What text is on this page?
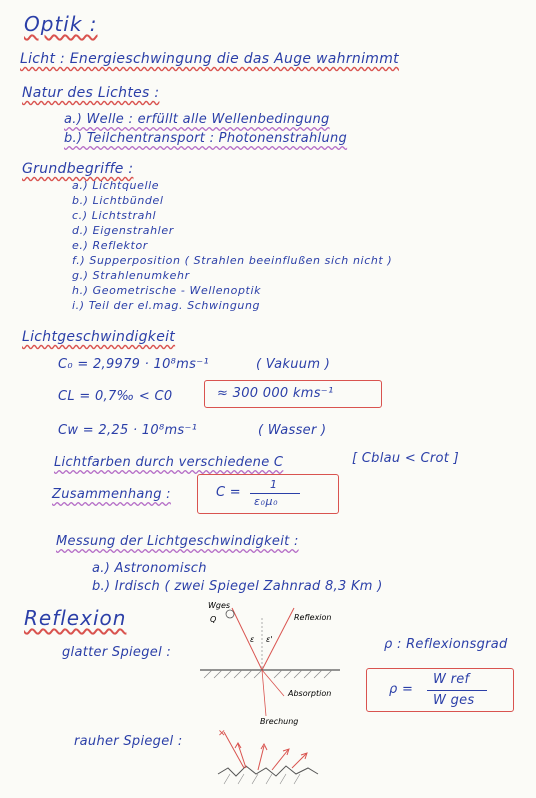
Optik :
Licht : Energieschwingung die das Auge wahrnimmt
Natur des Lichtes :
a.) Welle : erfüllt alle Wellenbedingung
b.) Teilchentransport : Photonenstrahlung
Grundbegriffe :
a.) Lichtquelle
b.) Lichtbündel
c.) Lichtstrahl
d.) Eigenstrahler
e.) Reflektor
f.) Supperposition ( Strahlen beeinflußen sich nicht )
g.) Strahlenumkehr
h.) Geometrische - Wellenoptik
i.) Teil der el.mag. Schwingung
Lichtgeschwindigkeit
C₀ = 2,9979 · 10⁸ms⁻¹	( Vakuum )
CL = 0,7‰ < C0	≈ 300 000 kms⁻¹
Cw = 2,25 · 10⁸ms⁻¹	( Wasser )
Lichtfarben durch verschiedene C	[ Cblau < Crot ]
Zusammenhang :	C =
1
ε₀μ₀
Messung der Lichtgeschwindigkeit :
a.) Astronomisch
b.) Irdisch ( zwei Spiegel Zahnrad 8,3 Km )
Reflexion
glatter Spiegel :
ρ : Reflexionsgrad
ρ =
W ref
W ges
rauher Spiegel :
Wges
Q
ε ε'
Reflexion
Absorption
Brechung
✕
